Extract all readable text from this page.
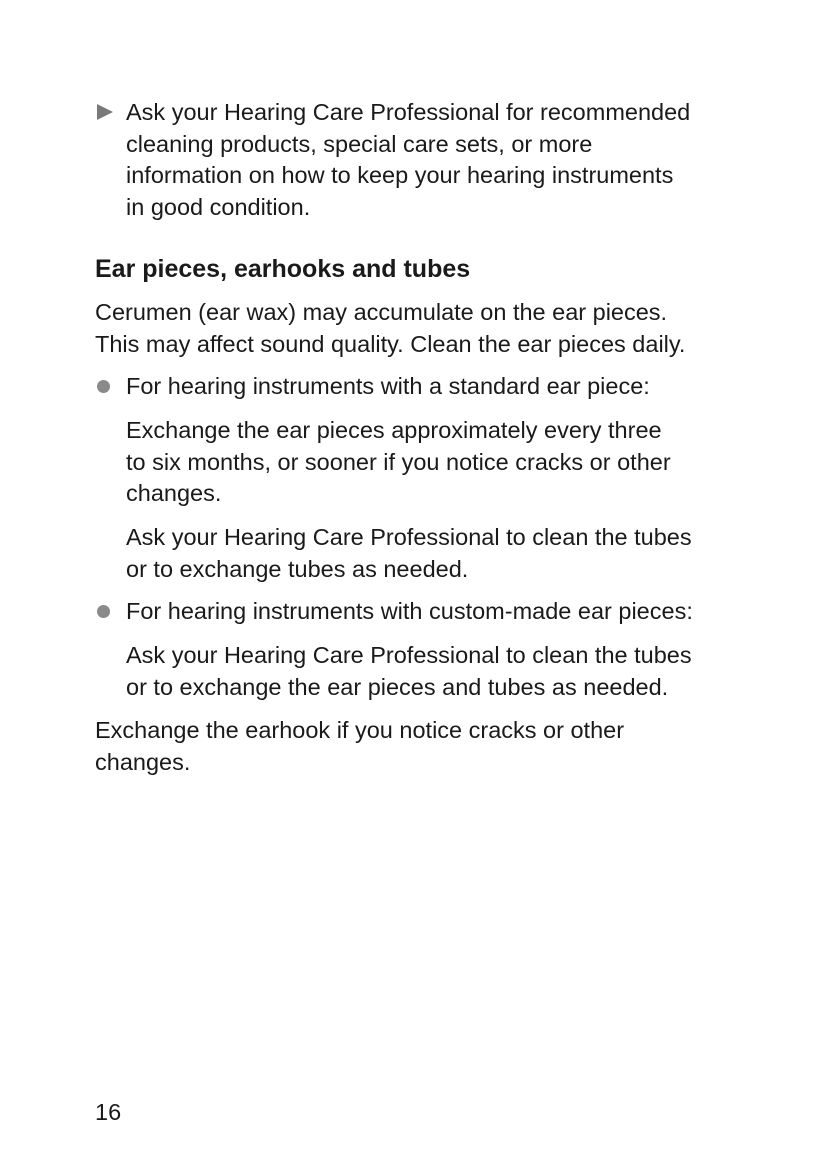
Ask your Hearing Care Professional for recommended
cleaning products, special care sets, or more
information on how to keep your hearing instruments
in good condition.
Ear pieces, earhooks and tubes
Cerumen (ear wax) may accumulate on the ear pieces.
This may affect sound quality. Clean the ear pieces daily.
For hearing instruments with a standard ear piece:
Exchange the ear pieces approximately every three
to six months, or sooner if you notice cracks or other
changes.
Ask your Hearing Care Professional to clean the tubes
or to exchange tubes as needed.
For hearing instruments with custom-made ear pieces:
Ask your Hearing Care Professional to clean the tubes
or to exchange the ear pieces and tubes as needed.
Exchange the earhook if you notice cracks or other
changes.
16
